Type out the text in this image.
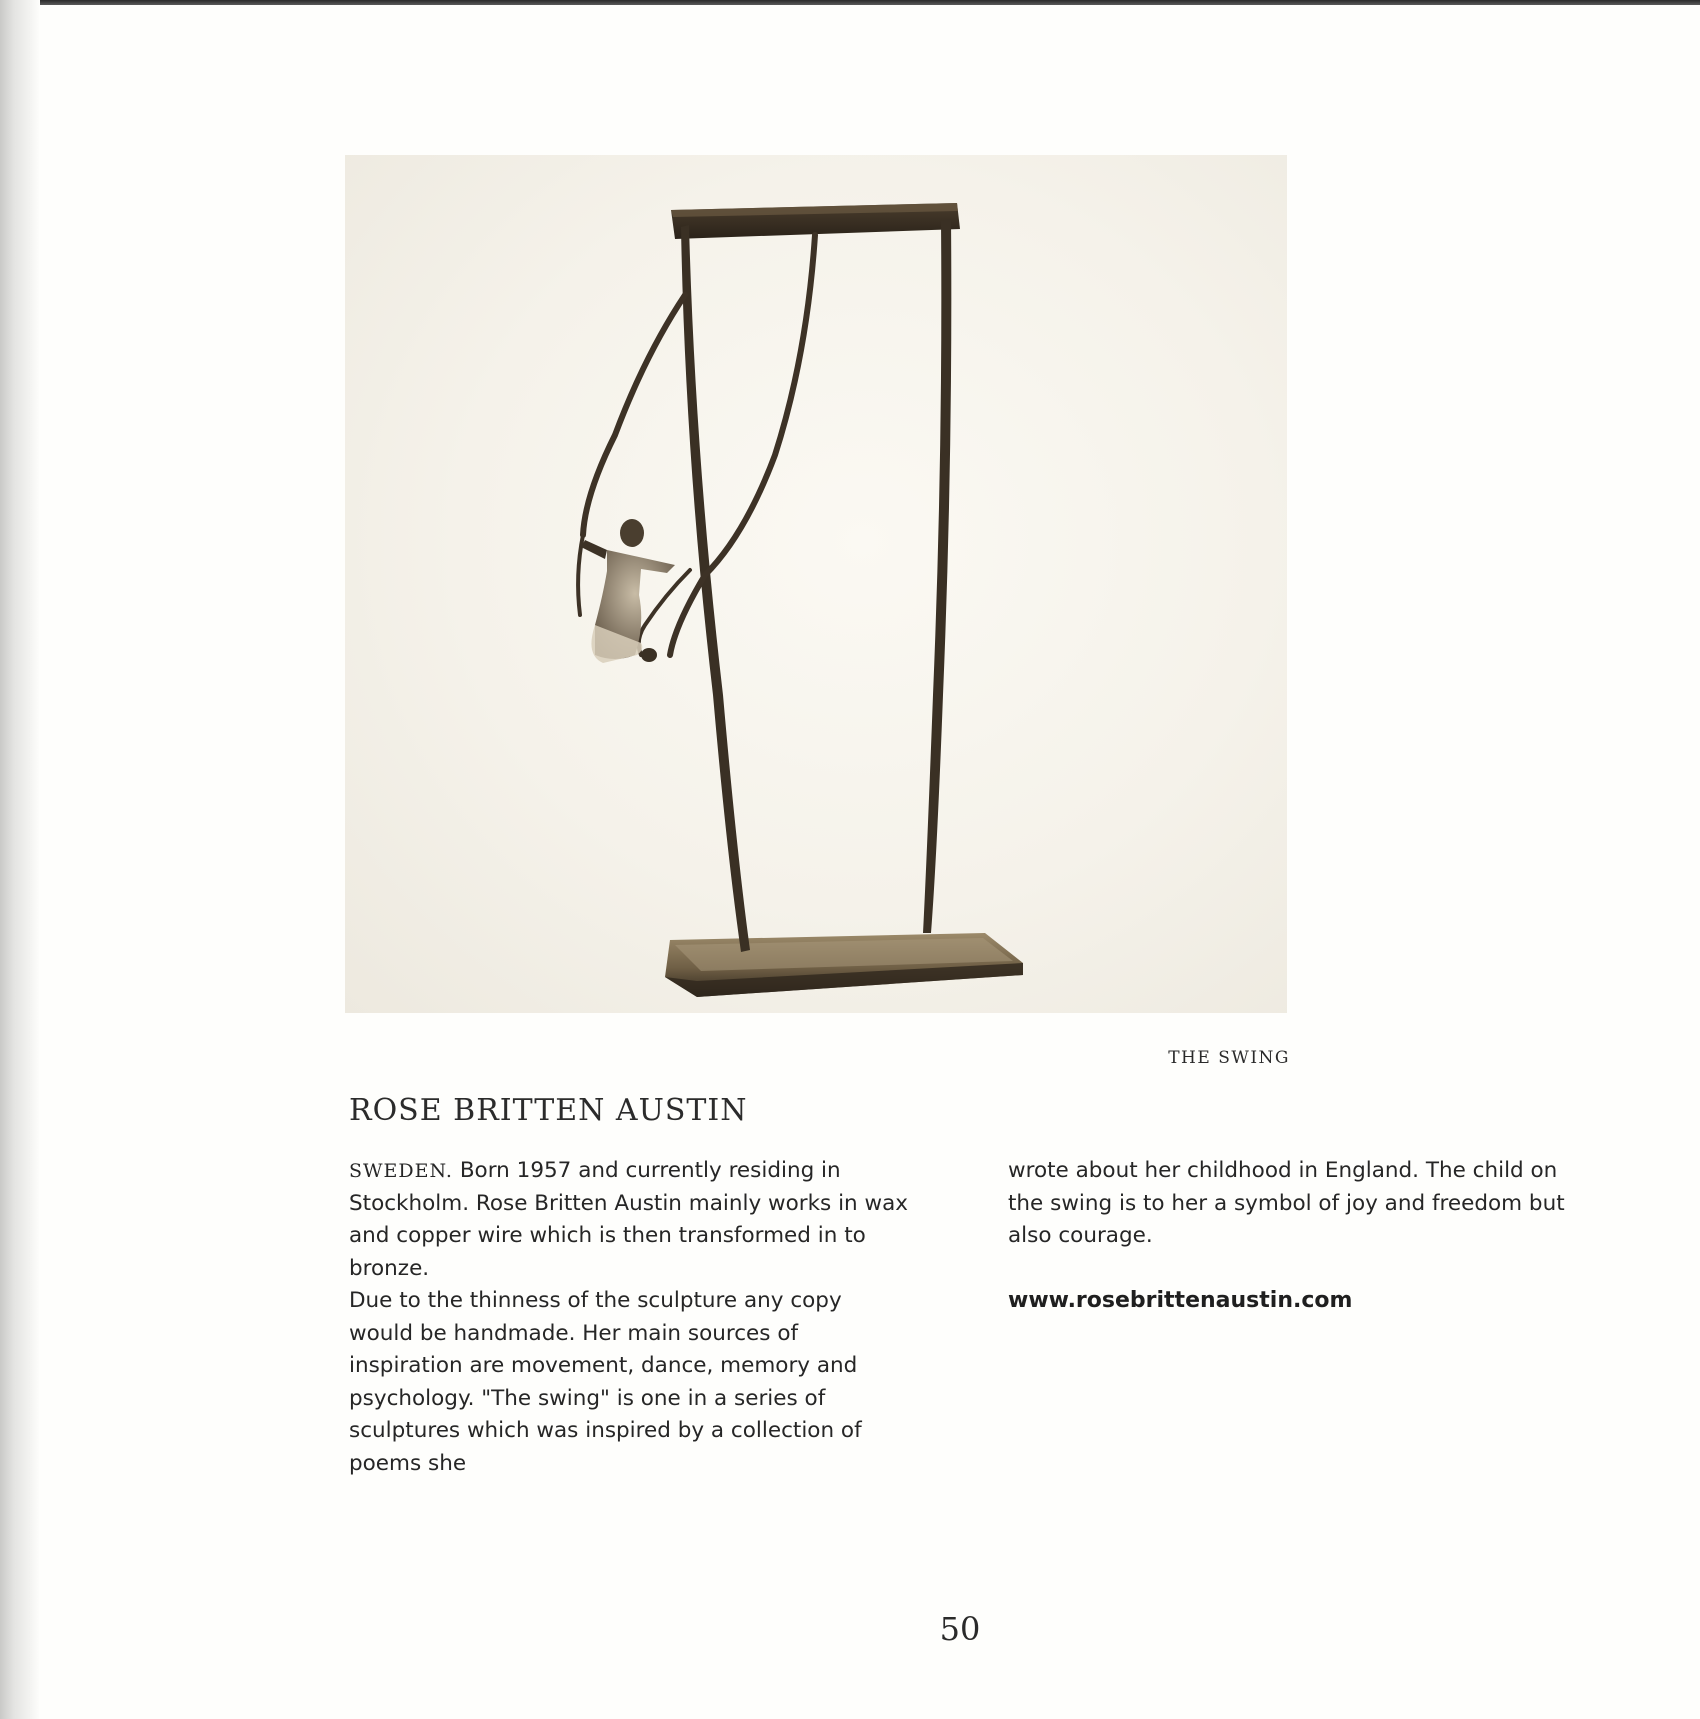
THE SWING
ROSE BRITTEN AUSTIN

SWEDEN. Born 1957 and currently residing in Stockholm. Rose Britten Austin mainly works in wax and copper wire which is then transformed in to bronze.

Due to the thinness of the sculpture any copy would be handmade. Her main sources of inspiration are movement, dance, memory and psychology. "The swing" is one in a series of sculptures which was inspired by a collection of poems she

wrote about her childhood in England. The child on the swing is to her a symbol of joy and freedom but also courage.

www.rosebrittenaustin.com

50
